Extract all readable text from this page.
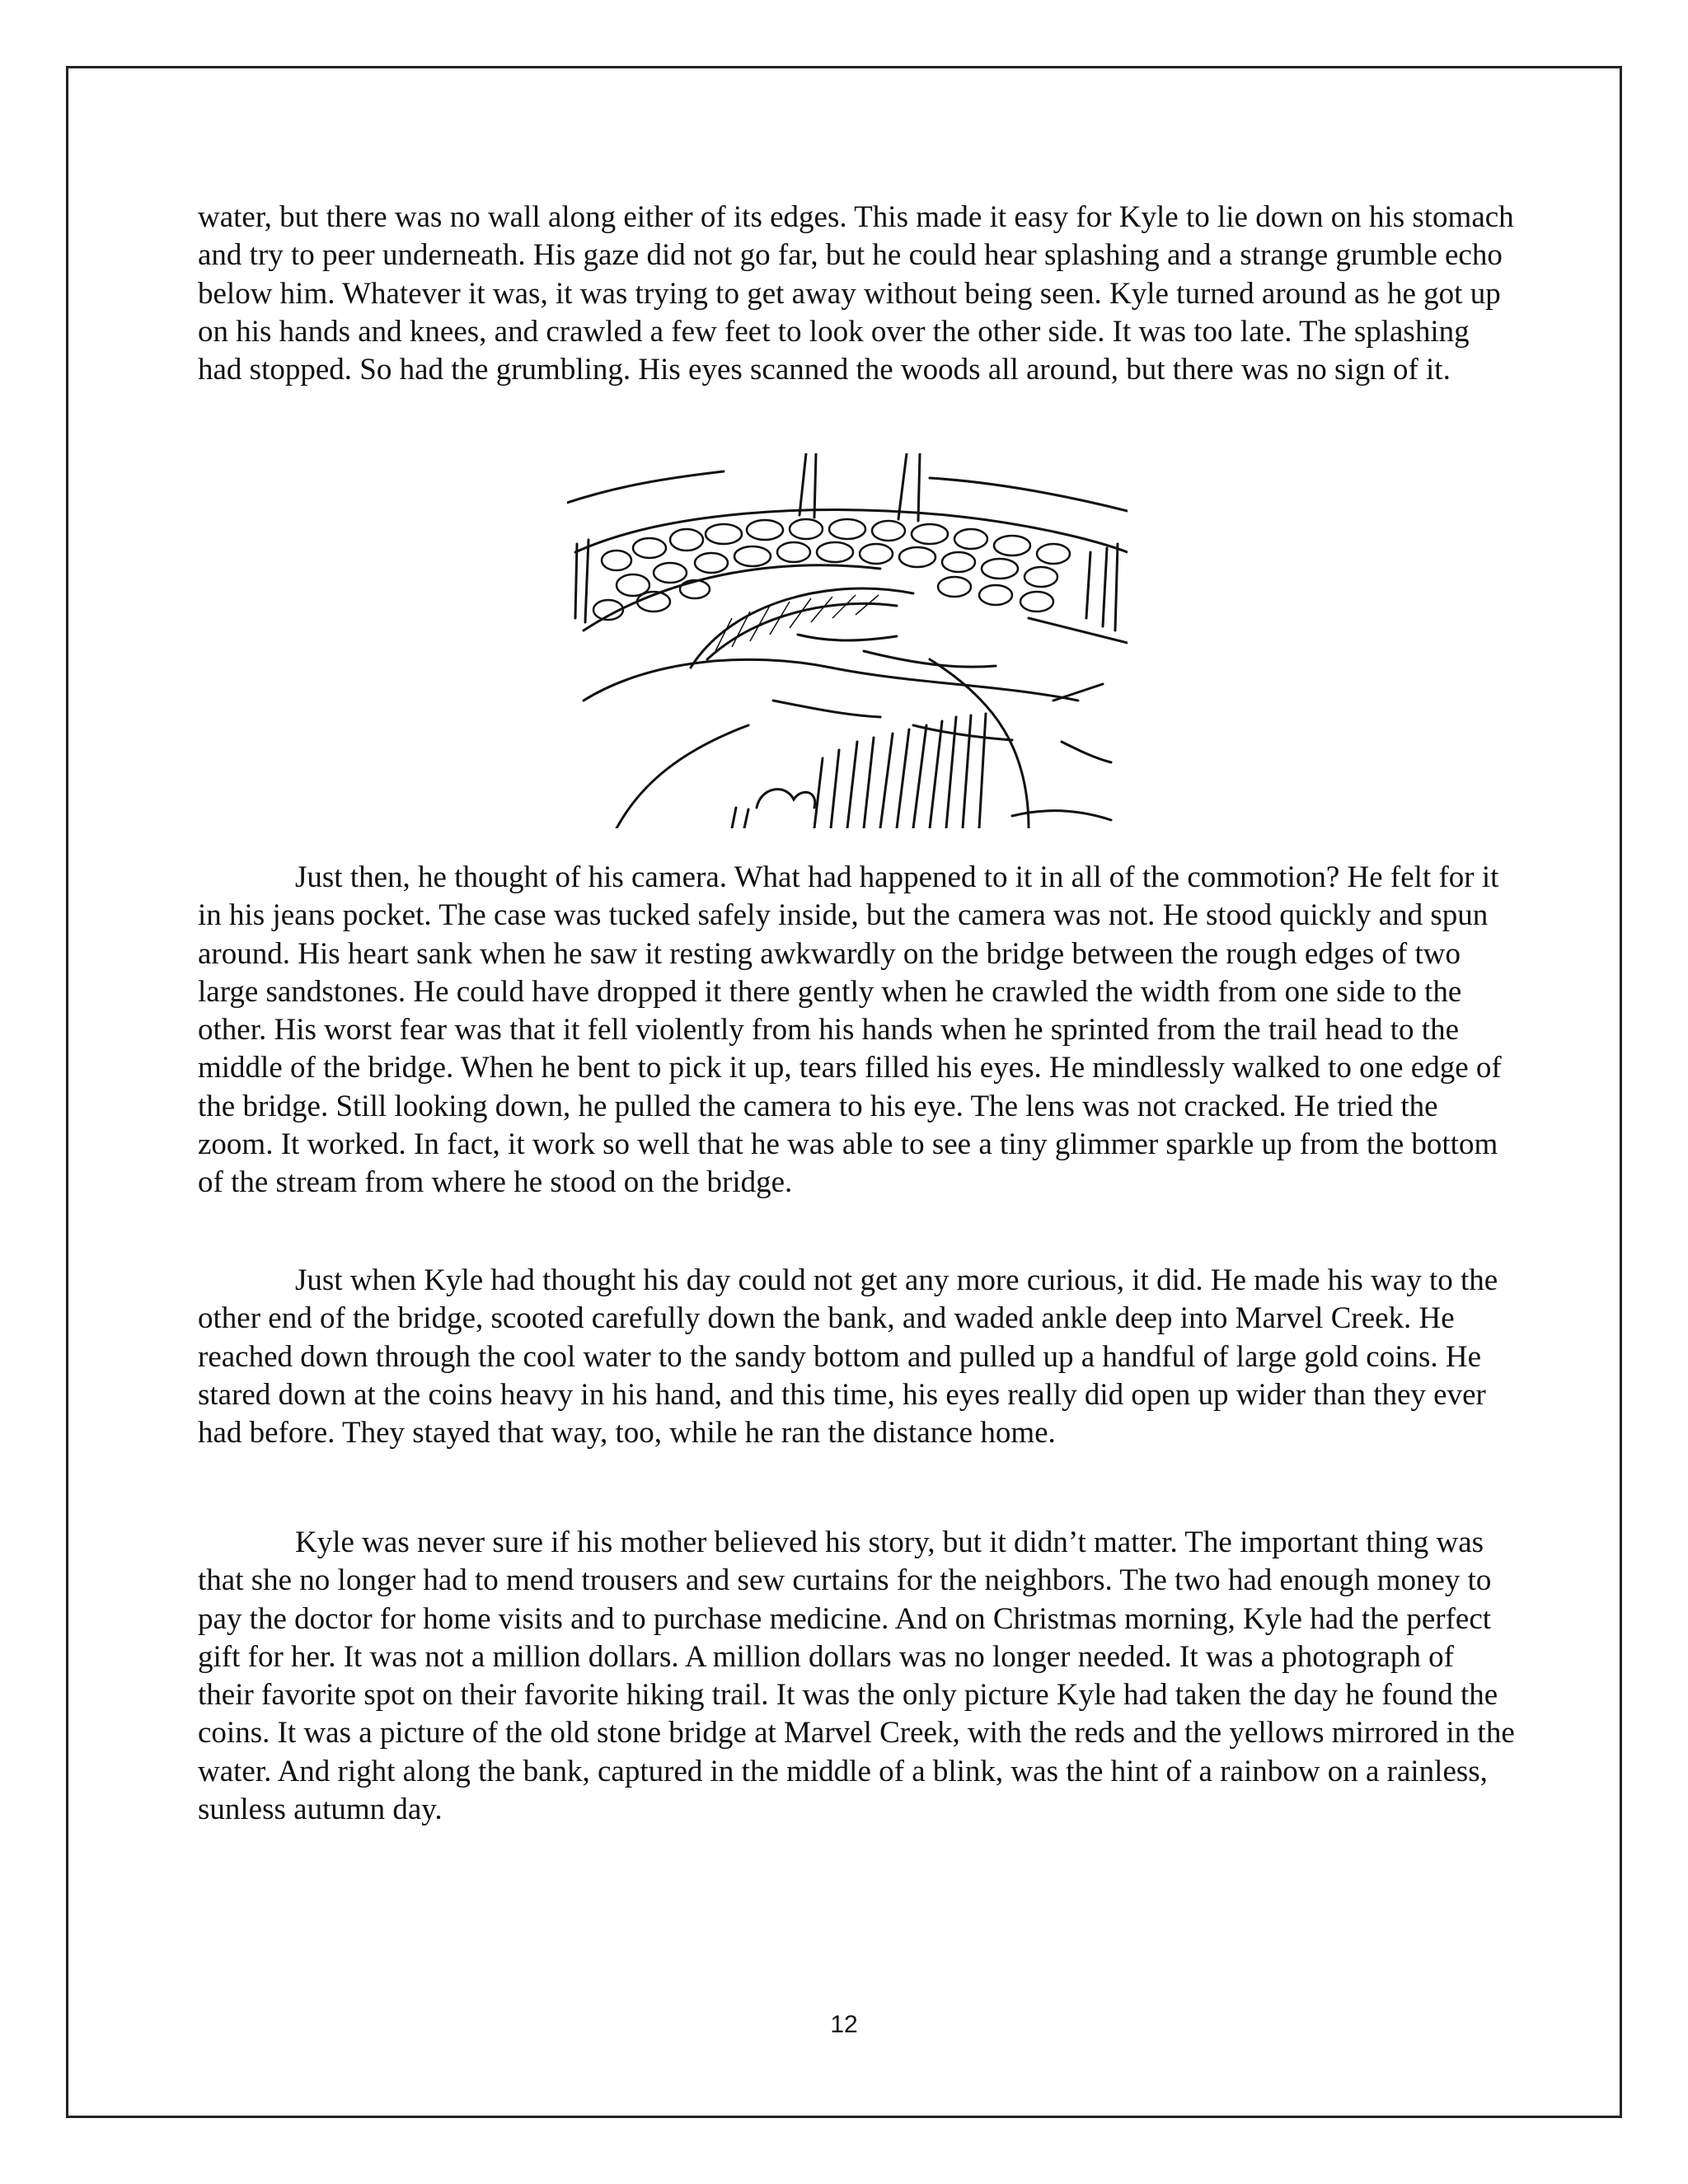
water, but there was no wall along either of its edges. This made it easy for Kyle to lie down on his stomach and try to peer underneath. His gaze did not go far, but he could hear splashing and a strange grumble echo below him. Whatever it was, it was trying to get away without being seen. Kyle turned around as he got up on his hands and knees, and crawled a few feet to look over the other side. It was too late. The splashing had stopped. So had the grumbling. His eyes scanned the woods all around, but there was no sign of it.

Just then, he thought of his camera. What had happened to it in all of the commotion? He felt for it in his jeans pocket. The case was tucked safely inside, but the camera was not. He stood quickly and spun around. His heart sank when he saw it resting awkwardly on the bridge between the rough edges of two large sandstones. He could have dropped it there gently when he crawled the width from one side to the other. His worst fear was that it fell violently from his hands when he sprinted from the trail head to the middle of the bridge. When he bent to pick it up, tears filled his eyes. He mindlessly walked to one edge of the bridge. Still looking down, he pulled the camera to his eye. The lens was not cracked. He tried the zoom. It worked. In fact, it work so well that he was able to see a tiny glimmer sparkle up from the bottom of the stream from where he stood on the bridge.

Just when Kyle had thought his day could not get any more curious, it did. He made his way to the other end of the bridge, scooted carefully down the bank, and waded ankle deep into Marvel Creek. He reached down through the cool water to the sandy bottom and pulled up a handful of large gold coins. He stared down at the coins heavy in his hand, and this time, his eyes really did open up wider than they ever had before. They stayed that way, too, while he ran the distance home.

Kyle was never sure if his mother believed his story, but it didn’t matter. The important thing was that she no longer had to mend trousers and sew curtains for the neighbors. The two had enough money to pay the doctor for home visits and to purchase medicine. And on Christmas morning, Kyle had the perfect gift for her. It was not a million dollars. A million dollars was no longer needed. It was a photograph of their favorite spot on their favorite hiking trail. It was the only picture Kyle had taken the day he found the coins. It was a picture of the old stone bridge at Marvel Creek, with the reds and the yellows mirrored in the water. And right along the bank, captured in the middle of a blink, was the hint of a rainbow on a rainless, sunless autumn day.

12
